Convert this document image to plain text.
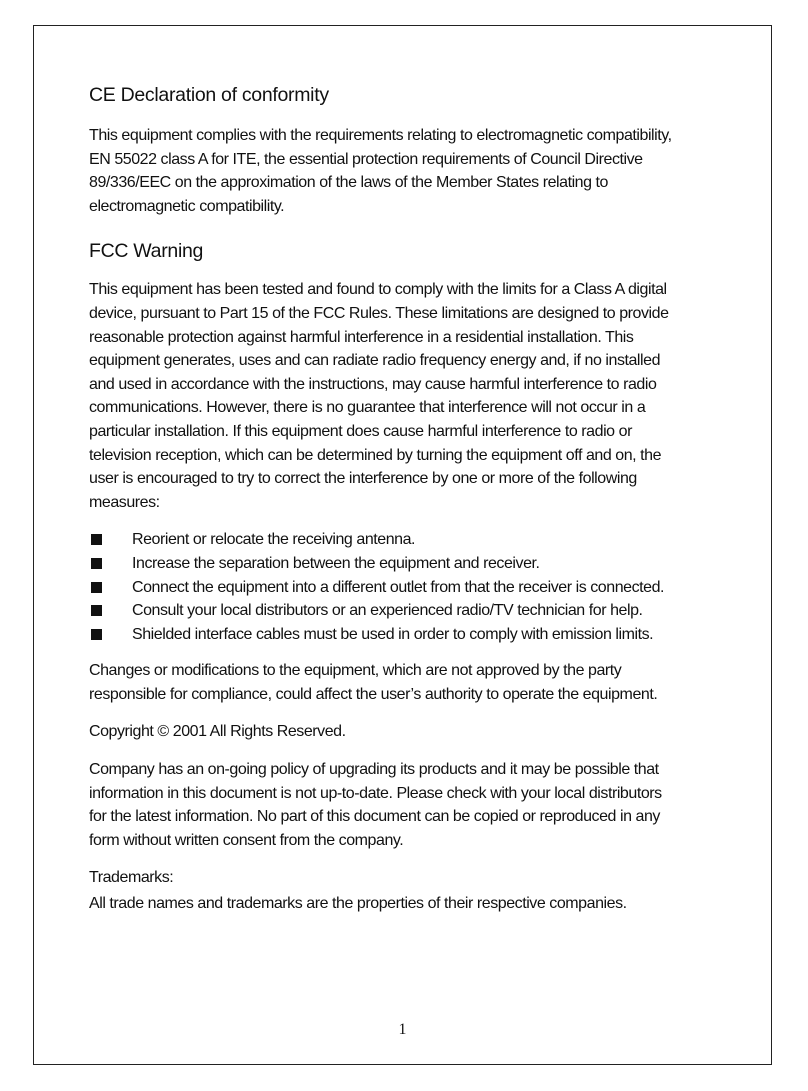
CE Declaration of conformity
This equipment complies with the requirements relating to electromagnetic compatibility,
EN 55022 class A for ITE, the essential protection requirements of Council Directive
89/336/EEC on the approximation of the laws of the Member States relating to
electromagnetic compatibility.
FCC Warning
This equipment has been tested and found to comply with the limits for a Class A digital
device, pursuant to Part 15 of the FCC Rules. These limitations are designed to provide
reasonable protection against harmful interference in a residential installation. This
equipment generates, uses and can radiate radio frequency energy and, if no installed
and used in accordance with the instructions, may cause harmful interference to radio
communications. However, there is no guarantee that interference will not occur in a
particular installation. If this equipment does cause harmful interference to radio or
television reception, which can be determined by turning the equipment off and on, the
user is encouraged to try to correct the interference by one or more of the following
measures:
Reorient or relocate the receiving antenna.
Increase the separation between the equipment and receiver.
Connect the equipment into a different outlet from that the receiver is connected.
Consult your local distributors or an experienced radio/TV technician for help.
Shielded interface cables must be used in order to comply with emission limits.
Changes or modifications to the equipment, which are not approved by the party
responsible for compliance, could affect the user’s authority to operate the equipment.
Copyright © 2001 All Rights Reserved.
Company has an on-going policy of upgrading its products and it may be possible that
information in this document is not up-to-date. Please check with your local distributors
for the latest information. No part of this document can be copied or reproduced in any
form without written consent from the company.
Trademarks:
All trade names and trademarks are the properties of their respective companies.
1
